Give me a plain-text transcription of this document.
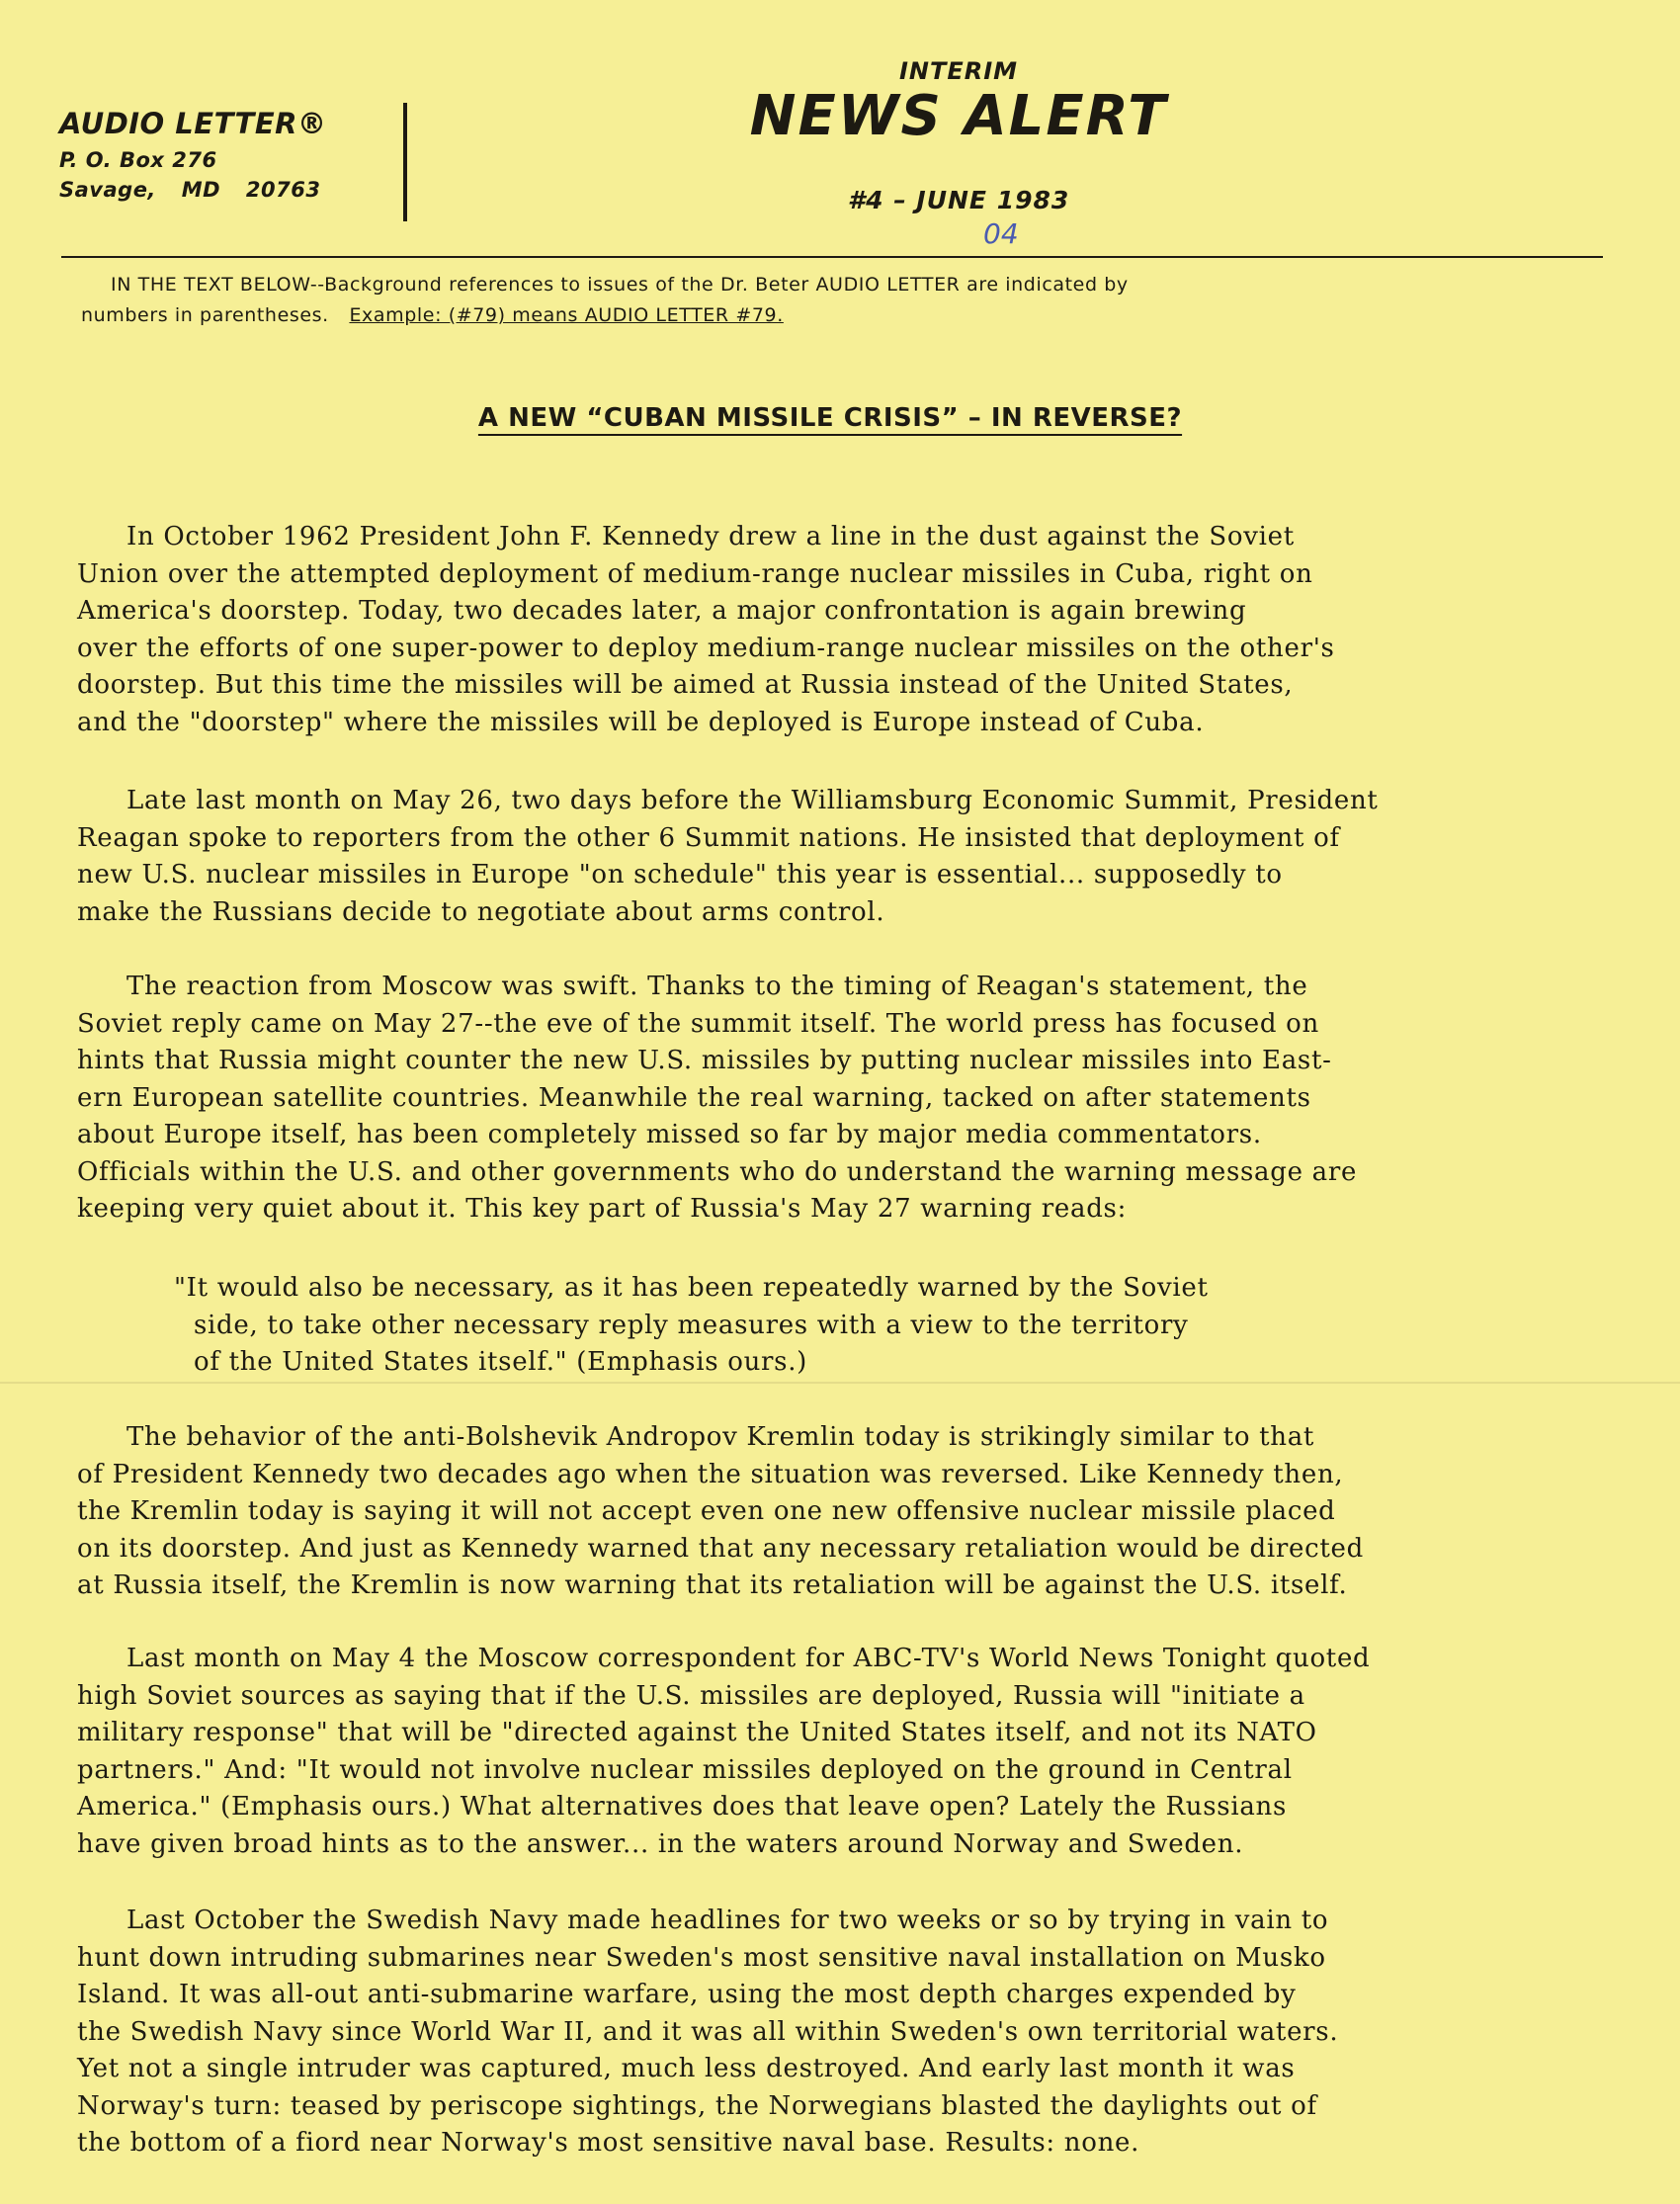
AUDIO LETTER®
P. O. Box 276
Savage, MD 20763
INTERIM
NEWS ALERT
#4 – JUNE 1983
04
IN THE TEXT BELOW--Background references to issues of the Dr. Beter AUDIO LETTER are indicated by
numbers in parentheses. Example: (#79) means AUDIO LETTER #79.
A NEW “CUBAN MISSILE CRISIS” – IN REVERSE?
In October 1962 President John F. Kennedy drew a line in the dust against the Soviet
Union over the attempted deployment of medium-range nuclear missiles in Cuba, right on
America's doorstep. Today, two decades later, a major confrontation is again brewing
over the efforts of one super-power to deploy medium-range nuclear missiles on the other's
doorstep. But this time the missiles will be aimed at Russia instead of the United States,
and the "doorstep" where the missiles will be deployed is Europe instead of Cuba.
Late last month on May 26, two days before the Williamsburg Economic Summit, President
Reagan spoke to reporters from the other 6 Summit nations. He insisted that deployment of
new U.S. nuclear missiles in Europe "on schedule" this year is essential... supposedly to
make the Russians decide to negotiate about arms control.
The reaction from Moscow was swift. Thanks to the timing of Reagan's statement, the
Soviet reply came on May 27--the eve of the summit itself. The world press has focused on
hints that Russia might counter the new U.S. missiles by putting nuclear missiles into East-
ern European satellite countries. Meanwhile the real warning, tacked on after statements
about Europe itself, has been completely missed so far by major media commentators.
Officials within the U.S. and other governments who do understand the warning message are
keeping very quiet about it. This key part of Russia's May 27 warning reads:
"It would also be necessary, as it has been repeatedly warned by the Soviet
side, to take other necessary reply measures with a view to the territory
of the United States itself." (Emphasis ours.)
The behavior of the anti-Bolshevik Andropov Kremlin today is strikingly similar to that
of President Kennedy two decades ago when the situation was reversed. Like Kennedy then,
the Kremlin today is saying it will not accept even one new offensive nuclear missile placed
on its doorstep. And just as Kennedy warned that any necessary retaliation would be directed
at Russia itself, the Kremlin is now warning that its retaliation will be against the U.S. itself.
Last month on May 4 the Moscow correspondent for ABC-TV's World News Tonight quoted
high Soviet sources as saying that if the U.S. missiles are deployed, Russia will "initiate a
military response" that will be "directed against the United States itself, and not its NATO
partners." And: "It would not involve nuclear missiles deployed on the ground in Central
America." (Emphasis ours.) What alternatives does that leave open? Lately the Russians
have given broad hints as to the answer... in the waters around Norway and Sweden.
Last October the Swedish Navy made headlines for two weeks or so by trying in vain to
hunt down intruding submarines near Sweden's most sensitive naval installation on Musko
Island. It was all-out anti-submarine warfare, using the most depth charges expended by
the Swedish Navy since World War II, and it was all within Sweden's own territorial waters.
Yet not a single intruder was captured, much less destroyed. And early last month it was
Norway's turn: teased by periscope sightings, the Norwegians blasted the daylights out of
the bottom of a fiord near Norway's most sensitive naval base. Results: none.
